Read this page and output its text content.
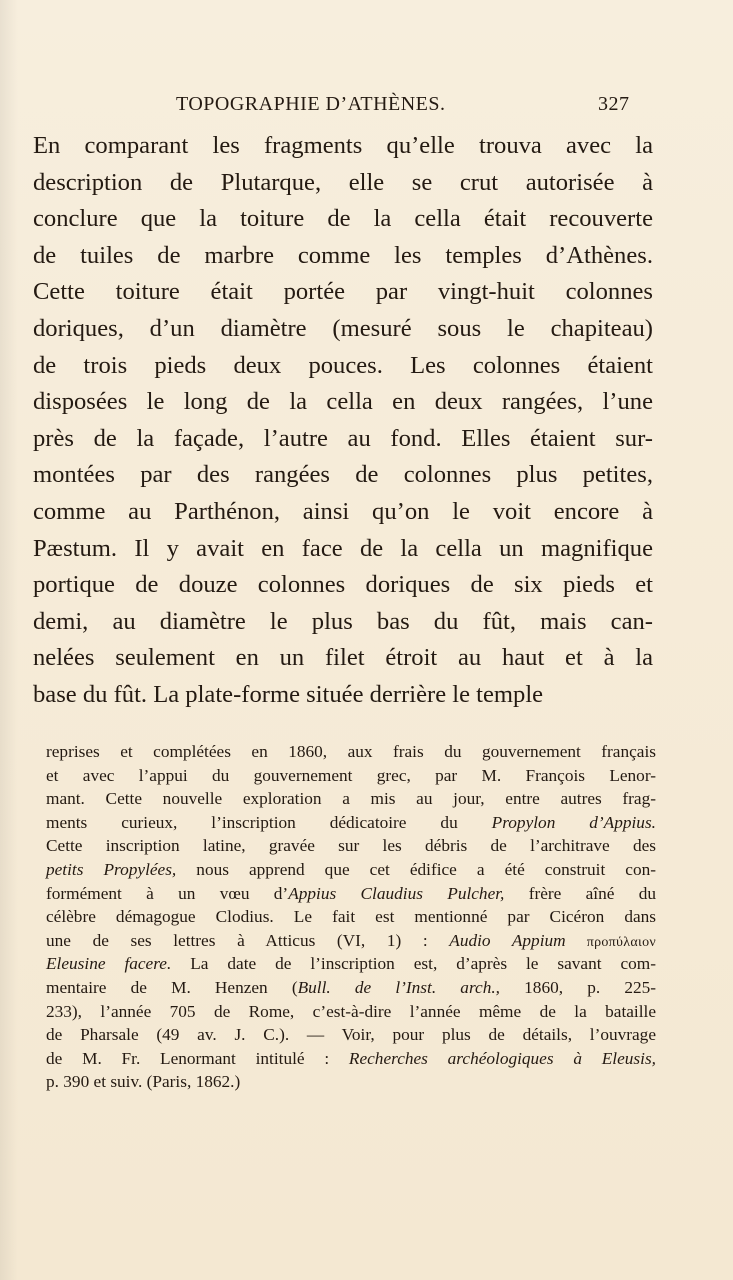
TOPOGRAPHIE D’ATHÈNES.	327
En comparant les fragments qu’elle trouva avec la
description de Plutarque, elle se crut autorisée à
conclure que la toiture de la cella était recouverte
de tuiles de marbre comme les temples d’Athènes.
Cette toiture était portée par vingt-huit colonnes
doriques, d’un diamètre (mesuré sous le chapiteau)
de trois pieds deux pouces. Les colonnes étaient
disposées le long de la cella en deux rangées, l’une
près de la façade, l’autre au fond. Elles étaient sur-
montées par des rangées de colonnes plus petites,
comme au Parthénon, ainsi qu’on le voit encore à
Pæstum. Il y avait en face de la cella un magnifique
portique de douze colonnes doriques de six pieds et
demi, au diamètre le plus bas du fût, mais can-
nelées seulement en un filet étroit au haut et à la
base du fût. La plate-forme située derrière le temple
reprises et complétées en 1860, aux frais du gouvernement français
et avec l’appui du gouvernement grec, par M. François Lenor-
mant. Cette nouvelle exploration a mis au jour, entre autres frag-
ments curieux, l’inscription dédicatoire du Propylon d’Appius.
Cette inscription latine, gravée sur les débris de l’architrave des
petits Propylées, nous apprend que cet édifice a été construit con-
formément à un vœu d’Appius Claudius Pulcher, frère aîné du
célèbre démagogue Clodius. Le fait est mentionné par Cicéron dans
une de ses lettres à Atticus (VI, 1) : Audio Appium προπύλαιον
Eleusine facere. La date de l’inscription est, d’après le savant com-
mentaire de M. Henzen (Bull. de l’Inst. arch., 1860, p. 225-
233), l’année 705 de Rome, c’est-à-dire l’année même de la bataille
de Pharsale (49 av. J. C.). — Voir, pour plus de détails, l’ouvrage
de M. Fr. Lenormant intitulé : Recherches archéologiques à Eleusis,
p. 390 et suiv. (Paris, 1862.)
